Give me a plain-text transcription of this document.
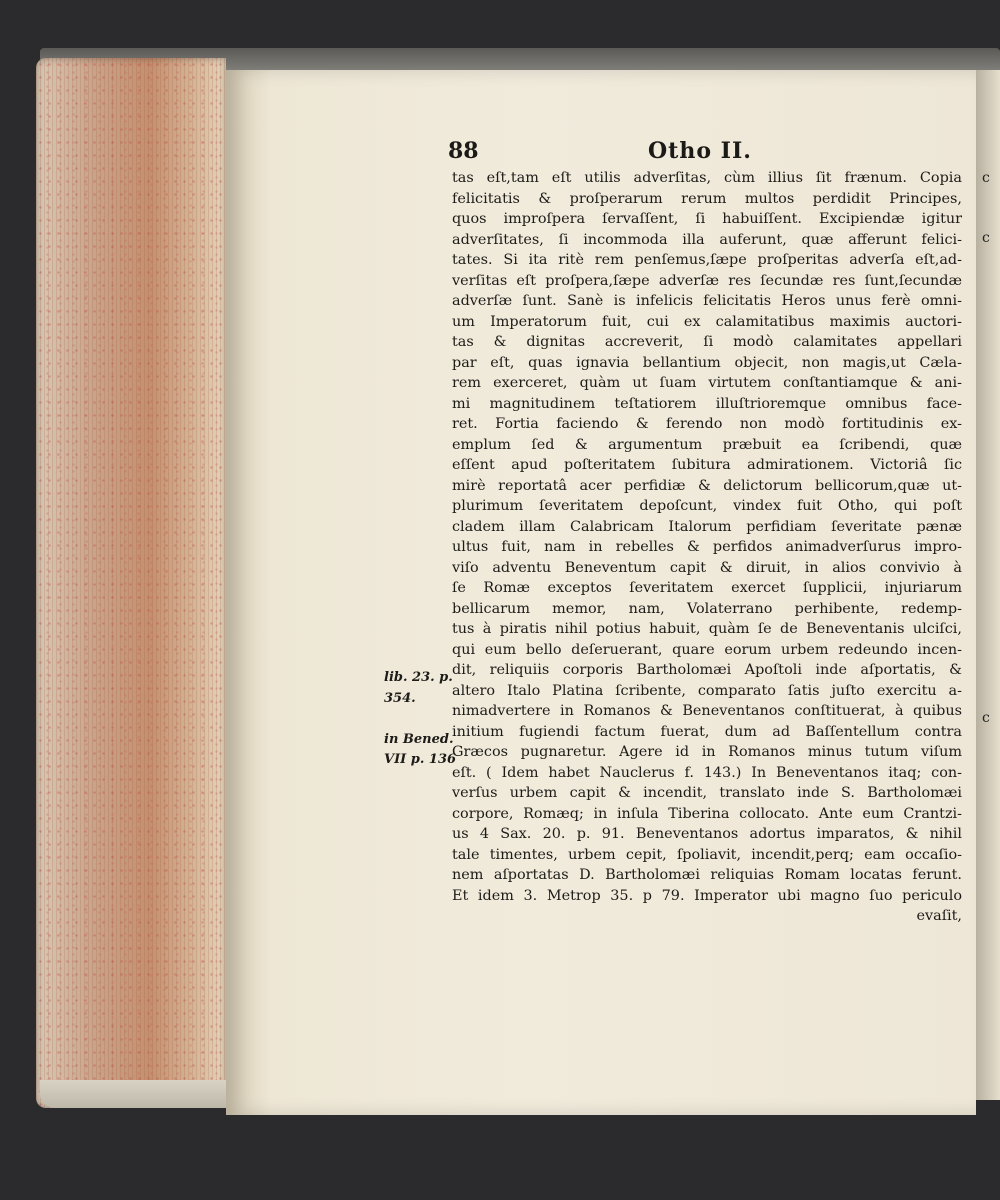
c
c
c
88	Otho II.
lib. 23. p.
354.
in Bened.
VII p. 136
tas eſt,tam eſt utilis adverſitas, cùm illius ſit frænum. Copia
felicitatis & proſperarum rerum multos perdidit Principes,
quos improſpera ſervaſſent, ſi habuiſſent. Excipiendæ igitur
adverſitates, ſi incommoda illa auferunt, quæ afferunt felici-
tates. Si ita ritè rem penſemus,ſæpe proſperitas adverſa eſt,ad-
verſitas eſt proſpera,ſæpe adverſæ res ſecundæ res ſunt,ſecundæ
adverſæ ſunt. Sanè is infelicis felicitatis Heros unus ferè omni-
um Imperatorum fuit, cui ex calamitatibus maximis auctori-
tas & dignitas accreverit, ſi modò calamitates appellari
par eſt, quas ignavia bellantium objecit, non magis,ut Cæla-
rem exerceret, quàm ut ſuam virtutem conſtantiamque & ani-
mi magnitudinem teſtatiorem illuſtrioremque omnibus face-
ret. Fortia faciendo & ferendo non modò fortitudinis ex-
emplum ſed & argumentum præbuit ea ſcribendi, quæ
eſſent apud poſteritatem ſubitura admirationem. Victoriâ ſic
mirè reportatâ acer perfidiæ & delictorum bellicorum,quæ ut-
plurimum ſeveritatem depoſcunt, vindex fuit Otho, qui poſt
cladem illam Calabricam Italorum perfidiam ſeveritate pænæ
ultus fuit, nam in rebelles & perfidos animadverſurus impro-
viſo adventu Beneventum capit & diruit, in alios convivio à
ſe Romæ exceptos ſeveritatem exercet ſupplicii, injuriarum
bellicarum memor, nam, Volaterrano perhibente, redemp-
tus à piratis nihil potius habuit, quàm ſe de Beneventanis ulciſci,
qui eum bello deſeruerant, quare eorum urbem redeundo incen-
dit, reliquiis corporis Bartholomæi Apoſtoli inde aſportatis, &
altero Italo Platina ſcribente, comparato ſatis juſto exercitu a-
nimadvertere in Romanos & Beneventanos conſtituerat, à quibus
initium fugiendi factum fuerat, dum ad Baſſentellum contra
Græcos pugnaretur. Agere id in Romanos minus tutum viſum
eſt. ( Idem habet Nauclerus f. 143.) In Beneventanos itaq; con-
verſus urbem capit & incendit, translato inde S. Bartholomæi
corpore, Romæq; in inſula Tiberina collocato. Ante eum Crantzi-
us 4 Sax. 20. p. 91. Beneventanos adortus imparatos, & nihil
tale timentes, urbem cepit, ſpoliavit, incendit,perq; eam occaſio-
nem aſportatas D. Bartholomæi reliquias Romam locatas ferunt.
Et idem 3. Metrop 35. p 79. Imperator ubi magno ſuo periculo
evaſit,
